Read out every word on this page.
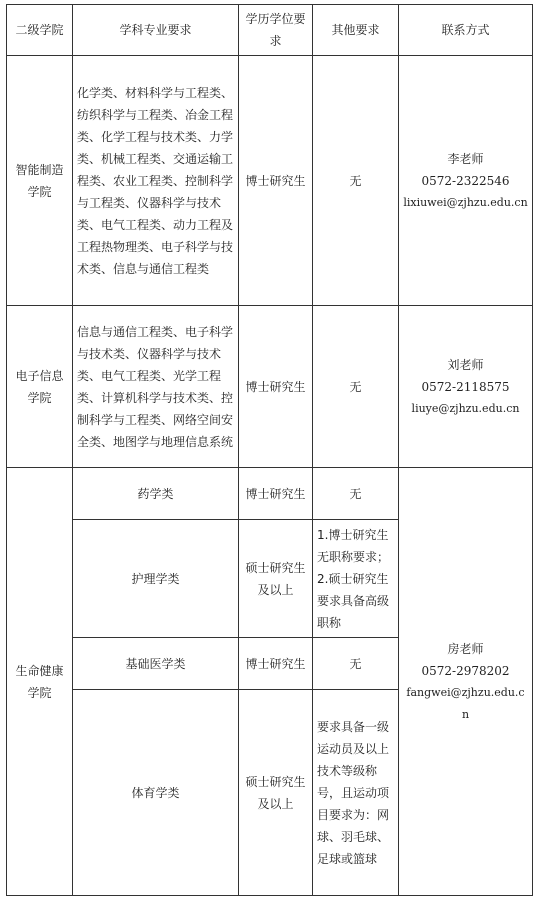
二级学院	学科专业要求	学历学位要求	其他要求	联系方式
智能制造学院	化学类、材料科学与工程类、纺织科学与工程类、冶金工程类、化学工程与技术类、力学类、机械工程类、交通运输工程类、农业工程类、控制科学与工程类、仪器科学与技术类、电气工程类、动力工程及工程热物理类、电子科学与技术类、信息与通信工程类	博士研究生	无	李老师
0572-2322546
lixiuwei@zjhzu.edu.cn

电子信息学院	信息与通信工程类、电子科学与技术类、仪器科学与技术类、电气工程类、光学工程类、计算机科学与技术类、控制科学与工程类、网络空间安全类、地图学与地理信息系统	博士研究生	无	刘老师
0572-2118575
liuye@zjhzu.edu.cn

生命健康学院	药学类	博士研究生	无	房老师
0572-2978202
fangwei@zjhzu.edu.cn

	护理学类	硕士研究生及以上	1.博士研究生无职称要求；2.硕士研究生要求具备高级职称	
	基础医学类	博士研究生	无	
	体育学类	硕士研究生及以上	要求具备一级运动员及以上技术等级称号，且运动项目要求为：网球、羽毛球、足球或篮球	
